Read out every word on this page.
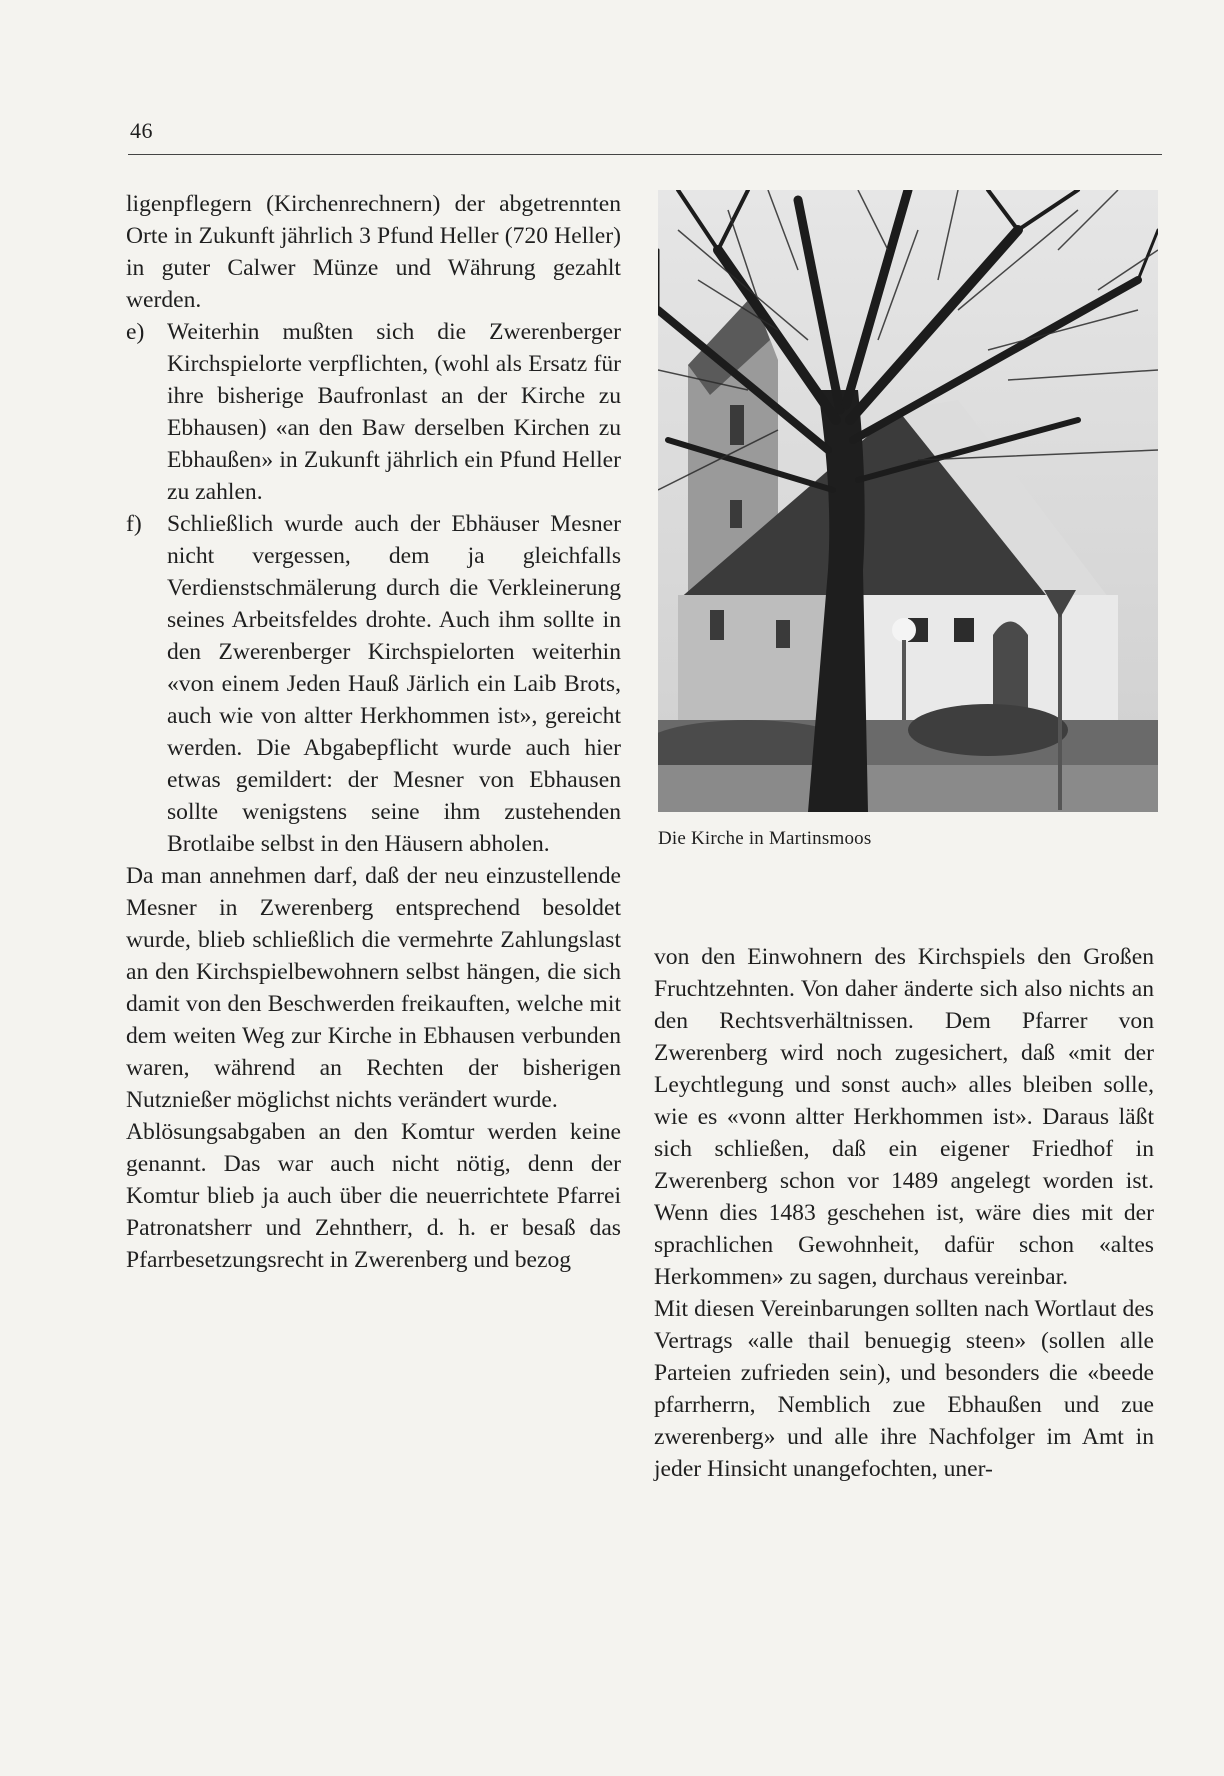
46

ligenpflegern (Kirchenrechnern) der abgetrennten Orte in Zukunft jährlich 3 Pfund Heller (720 Heller) in guter Calwer Münze und Währung gezahlt werden.

e) Weiterhin mußten sich die Zwerenberger Kirchspielorte verpflichten, (wohl als Ersatz für ihre bisherige Baufronlast an der Kirche zu Ebhausen) «an den Baw derselben Kirchen zu Ebhaußen» in Zukunft jährlich ein Pfund Heller zu zahlen.
f) Schließlich wurde auch der Ebhäuser Mesner nicht vergessen, dem ja gleichfalls Verdienstschmälerung durch die Verkleinerung seines Arbeitsfeldes drohte. Auch ihm sollte in den Zwerenberger Kirchspielorten weiterhin «von einem Jeden Hauß Järlich ein Laib Brots, auch wie von altter Herkhommen ist», gereicht werden. Die Abgabepflicht wurde auch hier etwas gemildert: der Mesner von Ebhausen sollte wenigstens seine ihm zustehenden Brotlaibe selbst in den Häusern abholen.

Da man annehmen darf, daß der neu einzustellende Mesner in Zwerenberg entsprechend besoldet wurde, blieb schließlich die vermehrte Zahlungslast an den Kirchspielbewohnern selbst hängen, die sich damit von den Beschwerden freikauften, welche mit dem weiten Weg zur Kirche in Ebhausen verbunden waren, während an Rechten der bisherigen Nutznießer möglichst nichts verändert wurde.

Ablösungsabgaben an den Komtur werden keine genannt. Das war auch nicht nötig, denn der Komtur blieb ja auch über die neuerrichtete Pfarrei Patronatsherr und Zehntherr, d. h. er besaß das Pfarrbesetzungsrecht in Zwerenberg und bezog

Die Kirche in Martinsmoos

von den Einwohnern des Kirchspiels den Großen Fruchtzehnten. Von daher änderte sich also nichts an den Rechtsverhältnissen. Dem Pfarrer von Zwerenberg wird noch zugesichert, daß «mit der Leychtlegung und sonst auch» alles bleiben solle, wie es «vonn altter Herkhommen ist». Daraus läßt sich schließen, daß ein eigener Friedhof in Zwerenberg schon vor 1489 angelegt worden ist. Wenn dies 1483 geschehen ist, wäre dies mit der sprachlichen Gewohnheit, dafür schon «altes Herkommen» zu sagen, durchaus vereinbar.

Mit diesen Vereinbarungen sollten nach Wortlaut des Vertrags «alle thail benuegig steen» (sollen alle Parteien zufrieden sein), und besonders die «beede pfarrherrn, Nemblich zue Ebhaußen und zue zwerenberg» und alle ihre Nachfolger im Amt in jeder Hinsicht unangefochten, uner-
